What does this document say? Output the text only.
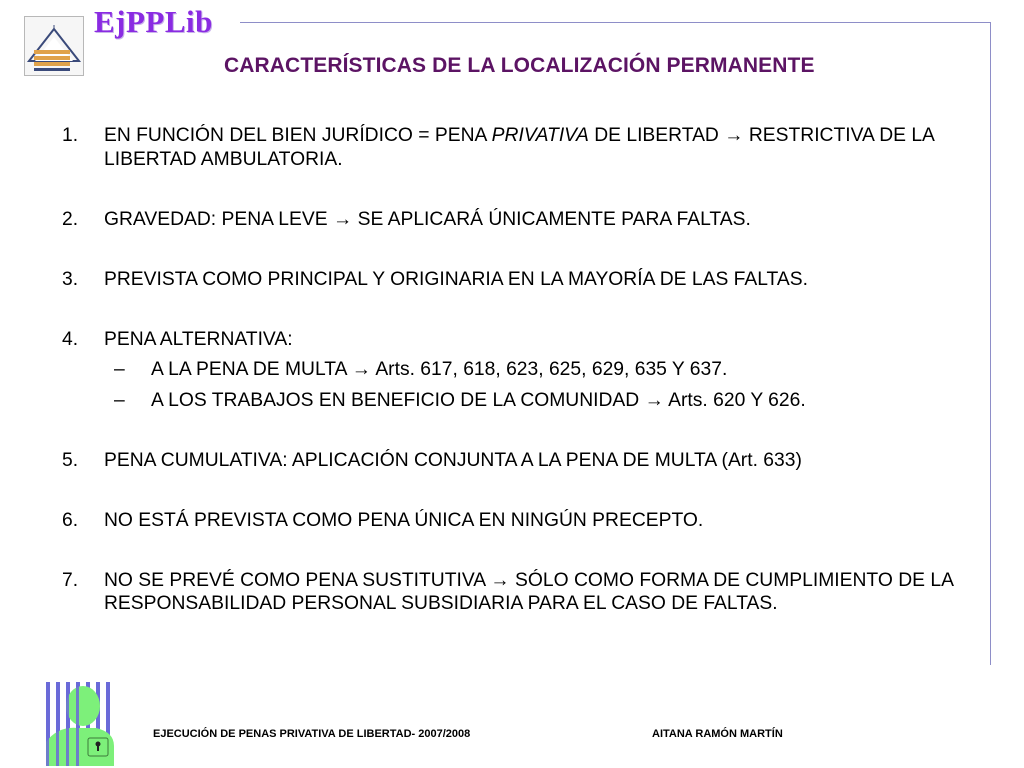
EjPPLib
CARACTERÍSTICAS DE LA LOCALIZACIÓN PERMANENTE
1.	EN FUNCIÓN DEL BIEN JURÍDICO = PENA PRIVATIVA DE LIBERTAD → RESTRICTIVA DE LA LIBERTAD AMBULATORIA.
2.	GRAVEDAD: PENA LEVE → SE APLICARÁ ÚNICAMENTE PARA FALTAS.
3.	PREVISTA COMO PRINCIPAL Y ORIGINARIA EN LA MAYORÍA DE LAS FALTAS.
4.	PENA ALTERNATIVA:
–	A LA PENA DE MULTA → Arts. 617, 618, 623, 625, 629, 635 Y 637.
–	A LOS TRABAJOS EN BENEFICIO DE LA COMUNIDAD → Arts. 620 Y 626.
5.	PENA CUMULATIVA: APLICACIÓN CONJUNTA A LA PENA DE MULTA (Art. 633)
6.	NO ESTÁ PREVISTA COMO PENA ÚNICA EN NINGÚN PRECEPTO.
7.	NO SE PREVÉ COMO PENA SUSTITUTIVA → SÓLO COMO FORMA DE CUMPLIMIENTO DE LA RESPONSABILIDAD PERSONAL SUBSIDIARIA PARA EL CASO DE FALTAS.
EJECUCIÓN DE PENAS PRIVATIVA DE LIBERTAD- 2007/2008	AITANA RAMÓN MARTÍN
